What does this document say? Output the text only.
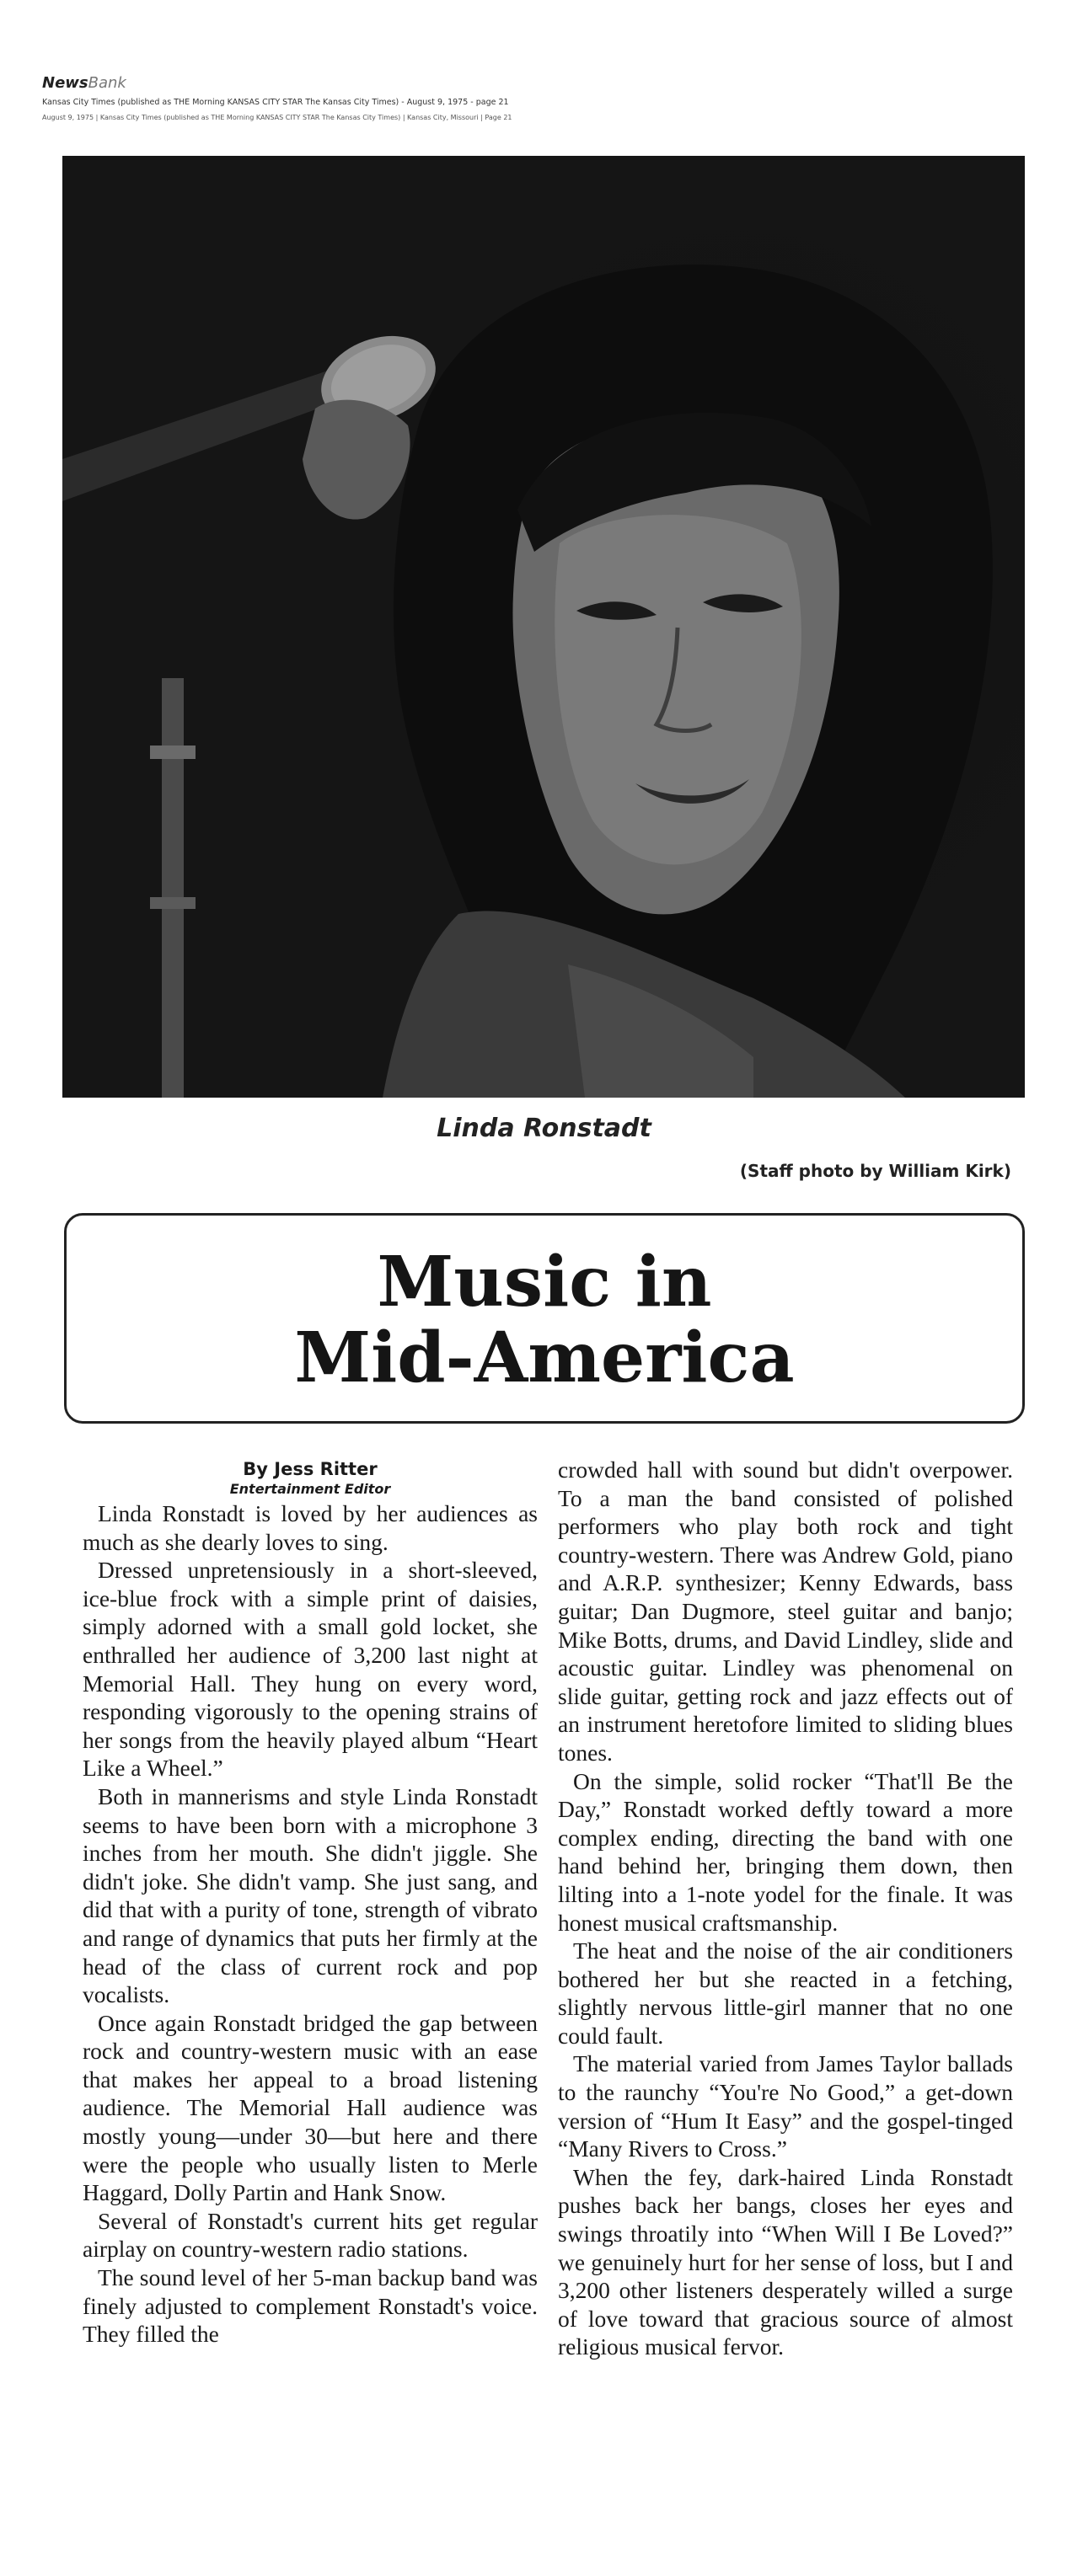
NewsBank
Kansas City Times (published as THE Morning KANSAS CITY STAR The Kansas City Times) - August 9, 1975 - page 21
August 9, 1975 | Kansas City Times (published as THE Morning KANSAS CITY STAR The Kansas City Times) | Kansas City, Missouri | Page 21
Linda Ronstadt
(Staff photo by William Kirk)
Music in
Mid-America
By Jess Ritter
Entertainment Editor

Linda Ronstadt is loved by her audiences as much as she dearly loves to sing.

Dressed unpretensiously in a short-sleeved, ice-blue frock with a simple print of daisies, simply adorned with a small gold locket, she enthralled her audience of 3,200 last night at Memorial Hall. They hung on every word, responding vigorously to the opening strains of her songs from the heavily played album “Heart Like a Wheel.”

Both in mannerisms and style Linda Ronstadt seems to have been born with a microphone 3 inches from her mouth. She didn't jiggle. She didn't joke. She didn't vamp. She just sang, and did that with a purity of tone, strength of vibrato and range of dynamics that puts her firmly at the head of the class of current rock and pop vocalists.

Once again Ronstadt bridged the gap between rock and country-western music with an ease that makes her appeal to a broad listening audience. The Memorial Hall audience was mostly young—under 30—but here and there were the people who usually listen to Merle Haggard, Dolly Partin and Hank Snow.

Several of Ronstadt's current hits get regular airplay on country-western radio stations.

The sound level of her 5-man backup band was finely adjusted to complement Ronstadt's voice. They filled the

crowded hall with sound but didn't overpower. To a man the band consisted of polished performers who play both rock and tight country-western. There was Andrew Gold, piano and A.R.P. synthesizer; Kenny Edwards, bass guitar; Dan Dugmore, steel guitar and banjo; Mike Botts, drums, and David Lindley, slide and acoustic guitar. Lindley was phenomenal on slide guitar, getting rock and jazz effects out of an instrument heretofore limited to sliding blues tones.

On the simple, solid rocker “That'll Be the Day,” Ronstadt worked deftly toward a more complex ending, directing the band with one hand behind her, bringing them down, then lilting into a 1-note yodel for the finale. It was honest musical craftsmanship.

The heat and the noise of the air conditioners bothered her but she reacted in a fetching, slightly nervous little-girl manner that no one could fault.

The material varied from James Taylor ballads to the raunchy “You're No Good,” a get-down version of “Hum It Easy” and the gospel-tinged “Many Rivers to Cross.”

When the fey, dark-haired Linda Ronstadt pushes back her bangs, closes her eyes and swings throatily into “When Will I Be Loved?” we genuinely hurt for her sense of loss, but I and 3,200 other listeners desperately willed a surge of love toward that gracious source of almost religious musical fervor.
